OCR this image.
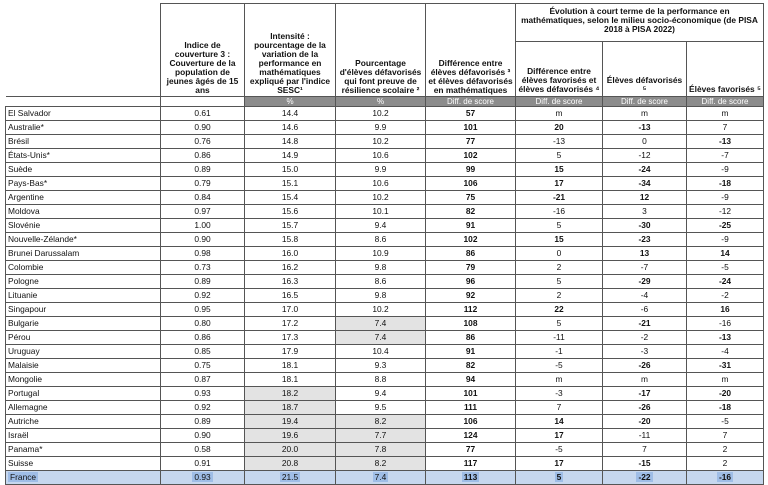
	Indice de couverture 3 : Couverture de la population de jeunes âgés de 15 ans	Intensité : pourcentage de la variation de la performance en mathématiques expliqué par l'indice SESC¹	Pourcentage d'élèves défavorisés qui font preuve de résilience scolaire ²	Différence entre élèves défavorisés ³ et élèves défavorisés en mathématiques	Évolution à court terme de la performance en mathématiques, selon le milieu socio-économique (de PISA 2018 à PISA 2022)		
					Différence entre élèves favorisés et élèves défavorisés ⁴	Élèves défavorisés ⁵	Élèves favorisés ⁵
		%	%	Diff. de score	Diff. de score	Diff. de score	Diff. de score
El Salvador	0.61	14.4	10.2	57	m	m	m
Australie*	0.90	14.6	9.9	101	20	-13	7
Brésil	0.76	14.8	10.2	77	-13	0	-13
États-Unis*	0.86	14.9	10.6	102	5	-12	-7
Suède	0.89	15.0	9.9	99	15	-24	-9
Pays-Bas*	0.79	15.1	10.6	106	17	-34	-18
Argentine	0.84	15.4	10.2	75	-21	12	-9
Moldova	0.97	15.6	10.1	82	-16	3	-12
Slovénie	1.00	15.7	9.4	91	5	-30	-25
Nouvelle-Zélande*	0.90	15.8	8.6	102	15	-23	-9
Brunei Darussalam	0.98	16.0	10.9	86	0	13	14
Colombie	0.73	16.2	9.8	79	2	-7	-5
Pologne	0.89	16.3	8.6	96	5	-29	-24
Lituanie	0.92	16.5	9.8	92	2	-4	-2
Singapour	0.95	17.0	10.2	112	22	-6	16
Bulgarie	0.80	17.2	7.4	108	5	-21	-16
Pérou	0.86	17.3	7.4	86	-11	-2	-13
Uruguay	0.85	17.9	10.4	91	-1	-3	-4
Malaisie	0.75	18.1	9.3	82	-5	-26	-31
Mongolie	0.87	18.1	8.8	94	m	m	m
Portugal	0.93	18.2	9.4	101	-3	-17	-20
Allemagne	0.92	18.7	9.5	111	7	-26	-18
Autriche	0.89	19.4	8.2	106	14	-20	-5
Israël	0.90	19.6	7.7	124	17	-11	7
Panama*	0.58	20.0	7.8	77	-5	7	2
Suisse	0.91	20.8	8.2	117	17	-15	2
France	0.93	21.5	7.4	113	5	-22	-16
